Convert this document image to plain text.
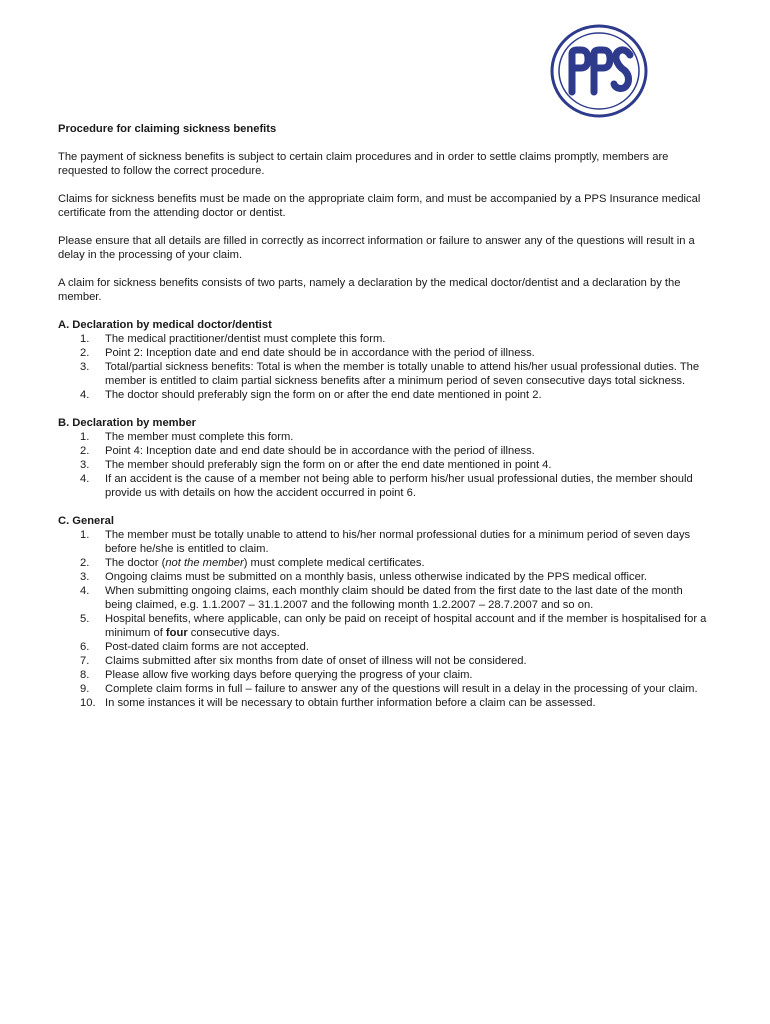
Procedure for claiming sickness benefits
The payment of sickness benefits is subject to certain claim procedures and in order to settle claims promptly, members are requested to follow the correct procedure.
Claims for sickness benefits must be made on the appropriate claim form, and must be accompanied by a PPS Insurance medical certificate from the attending doctor or dentist.
Please ensure that all details are filled in correctly as incorrect information or failure to answer any of the questions will result in a delay in the processing of your claim.
A claim for sickness benefits consists of two parts, namely a declaration by the medical doctor/dentist and a declaration by the member.
A. Declaration by medical doctor/dentist
1.	The medical practitioner/dentist must complete this form.
2.	Point 2: Inception date and end date should be in accordance with the period of illness.
3.	Total/partial sickness benefits: Total is when the member is totally unable to attend his/her usual professional duties. The member is entitled to claim partial sickness benefits after a minimum period of seven consecutive days total sickness.
4.	The doctor should preferably sign the form on or after the end date mentioned in point 2.
B. Declaration by member
1.	The member must complete this form.
2.	Point 4: Inception date and end date should be in accordance with the period of illness.
3.	The member should preferably sign the form on or after the end date mentioned in point 4.
4.	If an accident is the cause of a member not being able to perform his/her usual professional duties, the member should provide us with details on how the accident occurred in point 6.
C. General
1.	The member must be totally unable to attend to his/her normal professional duties for a minimum period of seven days before he/she is entitled to claim.
2.	The doctor (not the member) must complete medical certificates.
3.	Ongoing claims must be submitted on a monthly basis, unless otherwise indicated by the PPS medical officer.
4.	When submitting ongoing claims, each monthly claim should be dated from the first date to the last date of the month being claimed, e.g. 1.1.2007 – 31.1.2007 and the following month 1.2.2007 – 28.7.2007 and so on.
5.	Hospital benefits, where applicable, can only be paid on receipt of hospital account and if the member is hospitalised for a minimum of four consecutive days.
6.	Post-dated claim forms are not accepted.
7.	Claims submitted after six months from date of onset of illness will not be considered.
8.	Please allow five working days before querying the progress of your claim.
9.	Complete claim forms in full – failure to answer any of the questions will result in a delay in the processing of your claim.
10. In some instances it will be necessary to obtain further information before a claim can be assessed.
